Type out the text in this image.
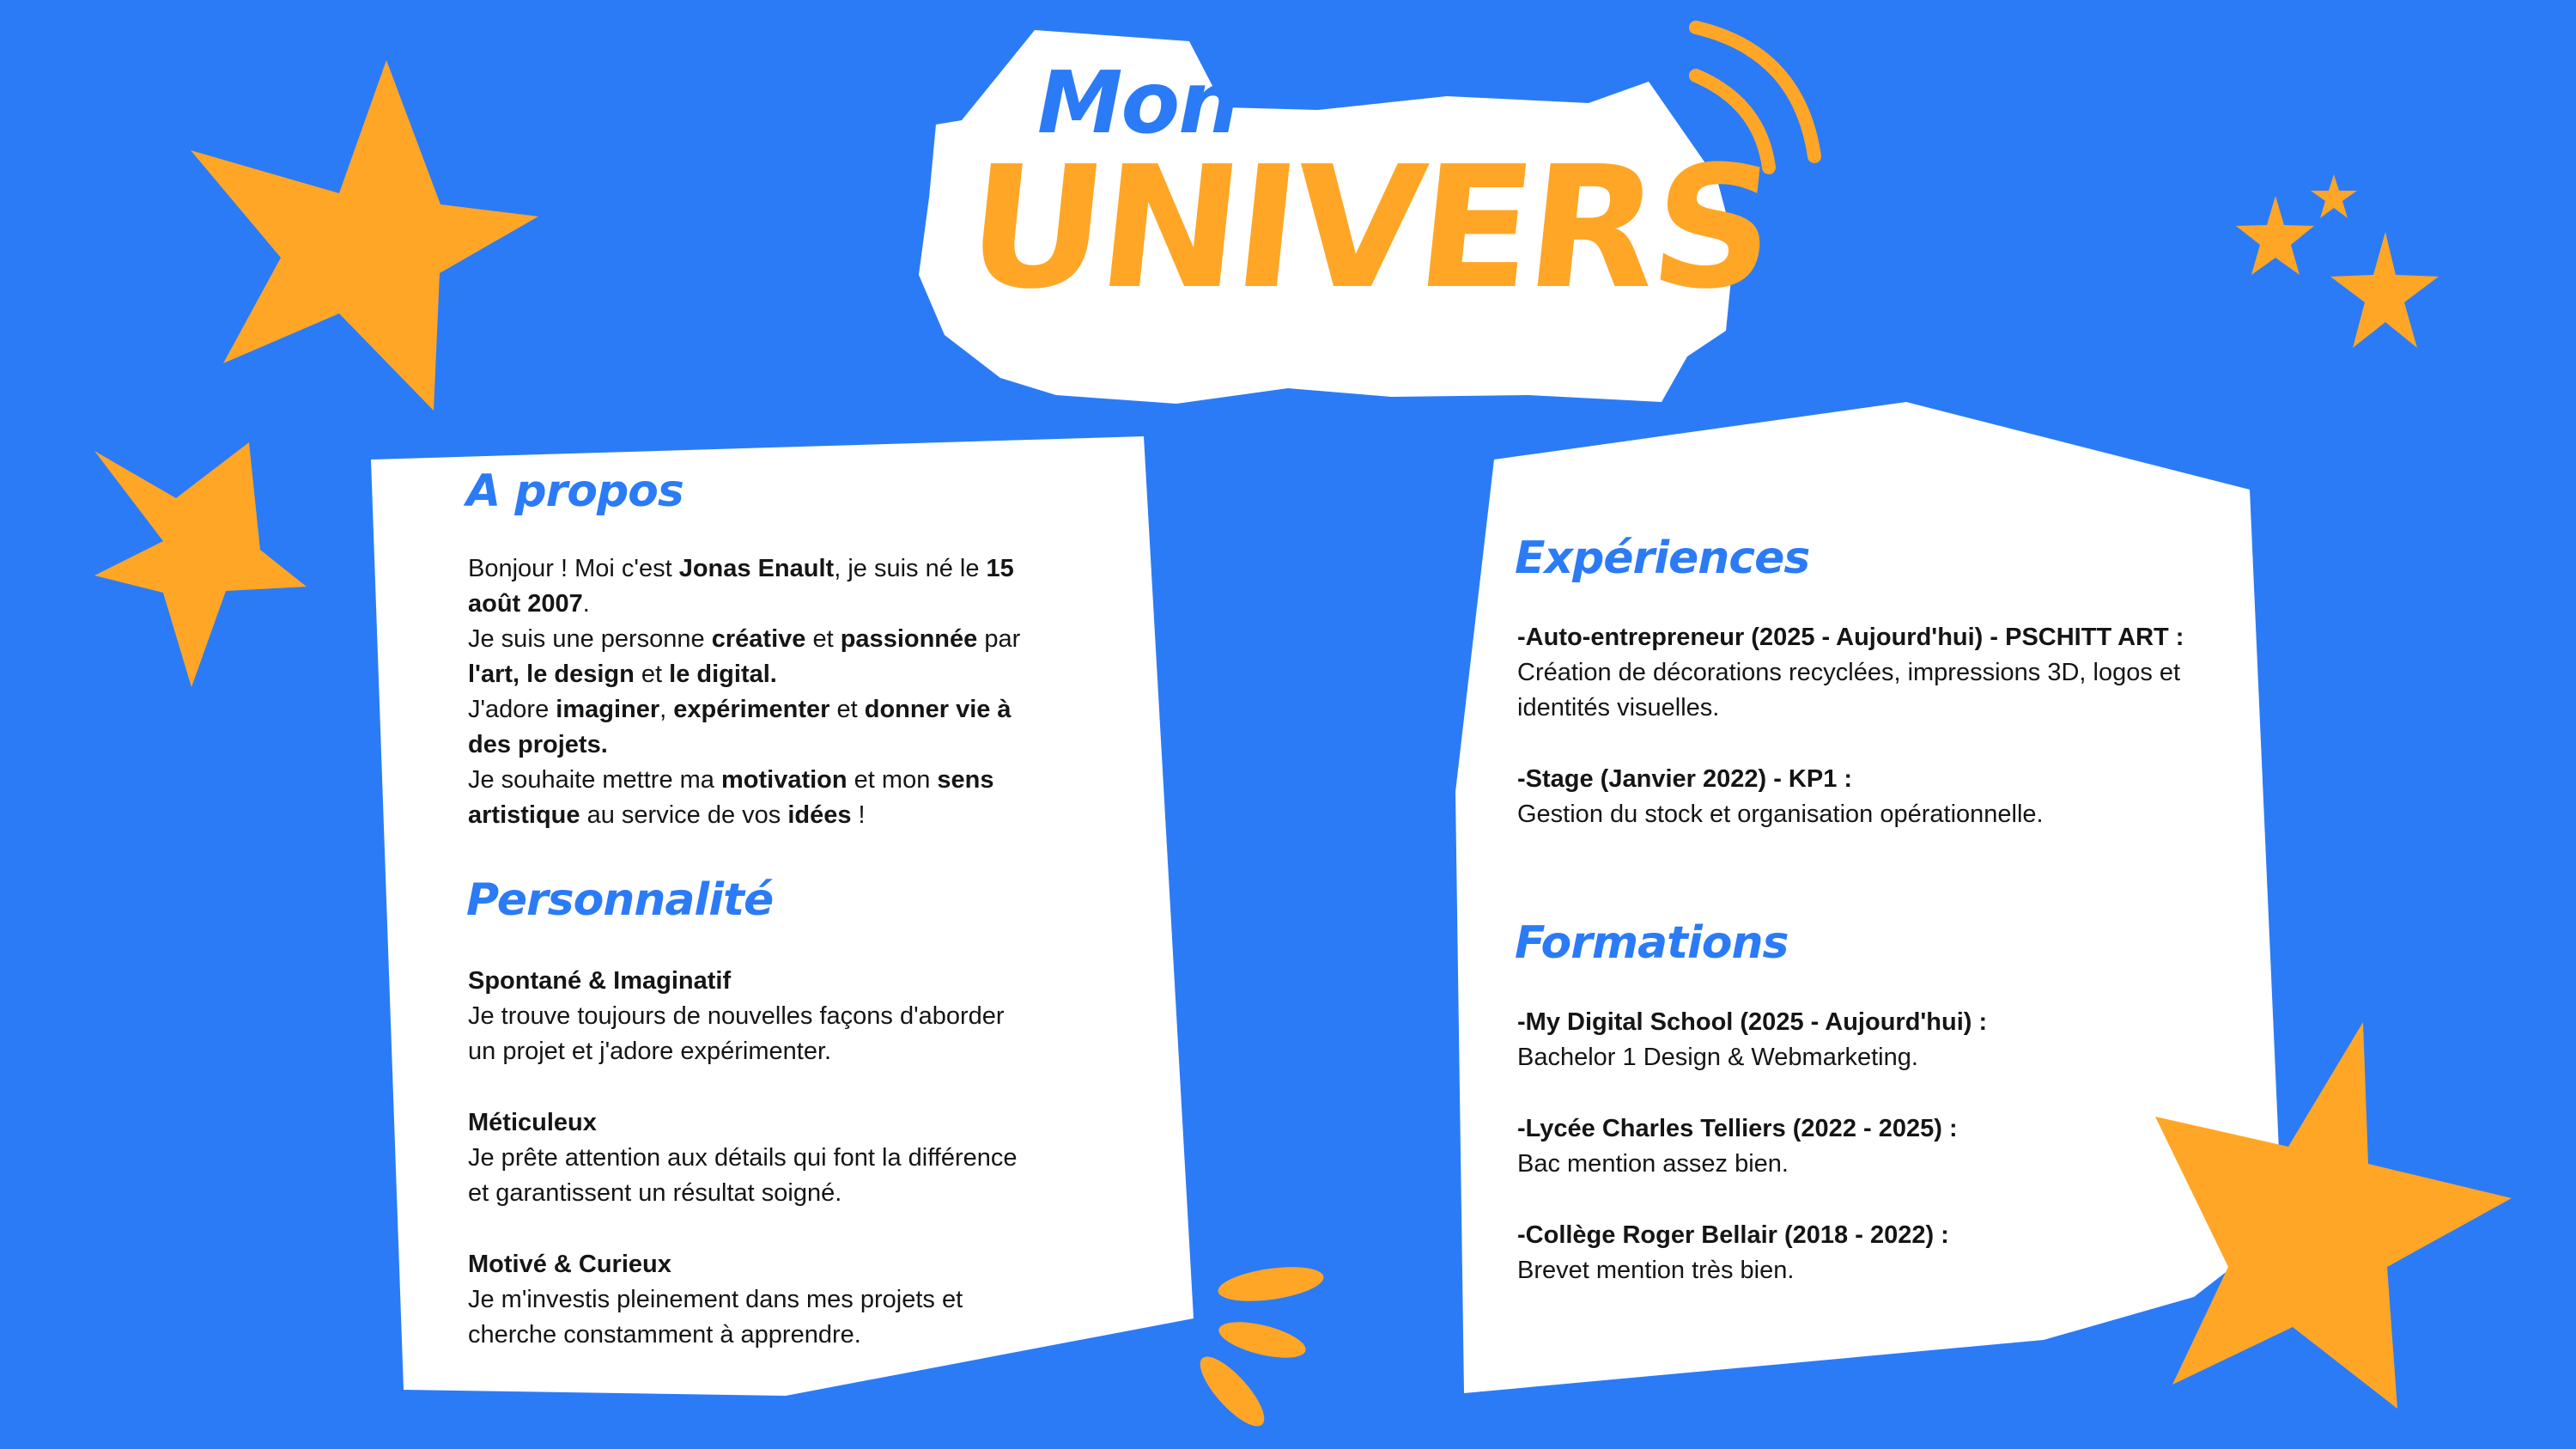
Mon
UNIVERS
A propos
Bonjour ! Moi c'est Jonas Enault, je suis né le 15 août 2007.
Je suis une personne créative et passionnée par l'art, le design et le digital.
J'adore imaginer, expérimenter et donner vie à des projets.
Je souhaite mettre ma motivation et mon sens artistique au service de vos idées !
Personnalité
Spontané & Imaginatif
Je trouve toujours de nouvelles façons d'aborder un projet et j'adore expérimenter.
Méticuleux
Je prête attention aux détails qui font la différence et garantissent un résultat soigné.
Motivé & Curieux
Je m'investis pleinement dans mes projets et cherche constamment à apprendre.
Expériences
-Auto-entrepreneur (2025 - Aujourd'hui) - PSCHITT ART :
Création de décorations recyclées, impressions 3D, logos et identités visuelles.
-Stage (Janvier 2022) - KP1 :
Gestion du stock et organisation opérationnelle.
Formations
-My Digital School (2025 - Aujourd'hui) :
Bachelor 1 Design & Webmarketing.
-Lycée Charles Telliers (2022 - 2025) :
Bac mention assez bien.
-Collège Roger Bellair (2018 - 2022) :
Brevet mention très bien.
